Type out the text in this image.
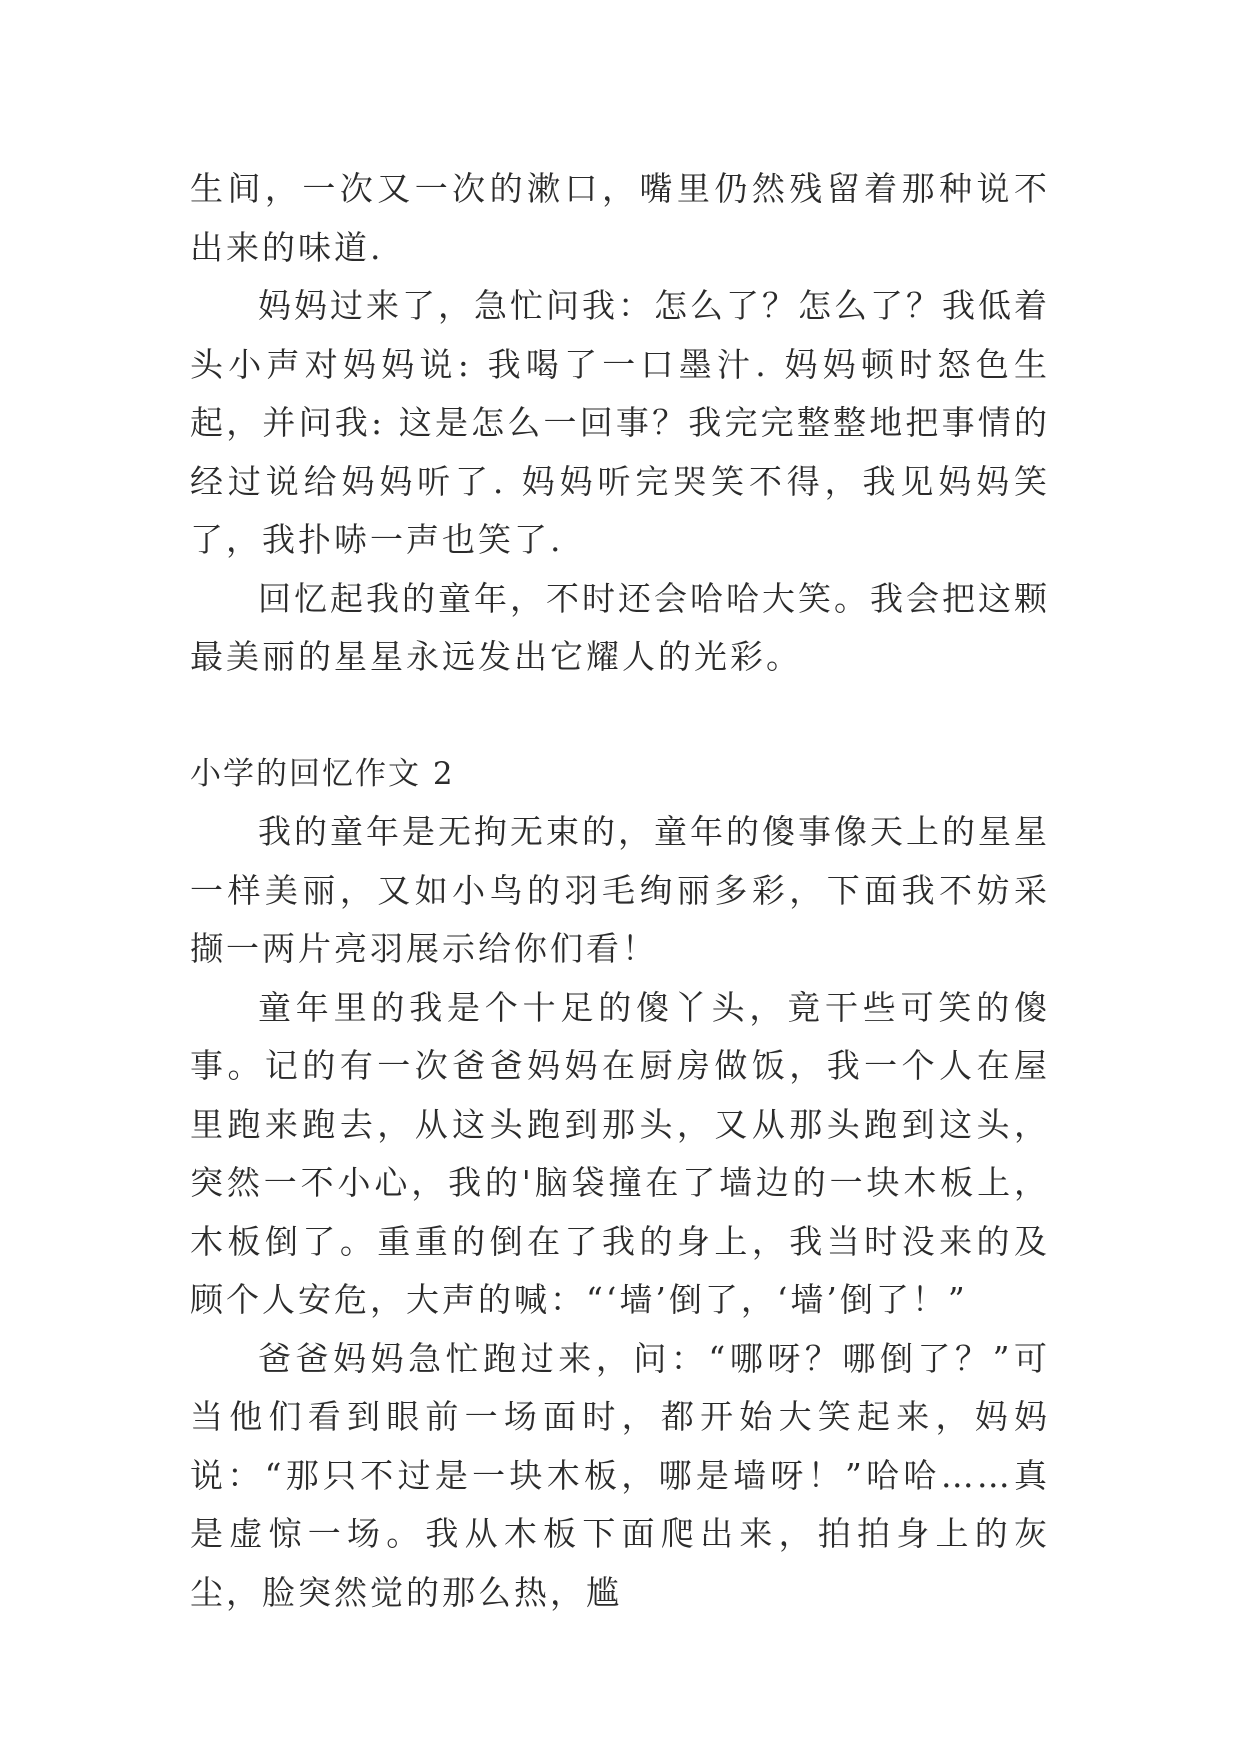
生间，一次又一次的漱口，嘴里仍然残留着那种说不出来的味道.

妈妈过来了，急忙问我：怎么了？怎么了？我低着头小声对妈妈说: 我喝了一口墨汁. 妈妈顿时怒色生起，并问我: 这是怎么一回事？我完完整整地把事情的经过说给妈妈听了. 妈妈听完哭笑不得，我见妈妈笑了，我扑哧一声也笑了.

回忆起我的童年，不时还会哈哈大笑。我会把这颗最美丽的星星永远发出它耀人的光彩。

小学的回忆作文 2

我的童年是无拘无束的，童年的傻事像天上的星星一样美丽，又如小鸟的羽毛绚丽多彩，下面我不妨采撷一两片亮羽展示给你们看！

童年里的我是个十足的傻丫头，竟干些可笑的傻事。记的有一次爸爸妈妈在厨房做饭，我一个人在屋里跑来跑去，从这头跑到那头，又从那头跑到这头，突然一不小心，我的'脑袋撞在了墙边的一块木板上，木板倒了。重重的倒在了我的身上，我当时没来的及顾个人安危，大声的喊：“‘墙’倒了，‘墙’倒了！”

爸爸妈妈急忙跑过来，问：“哪呀？哪倒了？”可当他们看到眼前一场面时，都开始大笑起来，妈妈说：“那只不过是一块木板，哪是墙呀！”哈哈……真是虚惊一场。我从木板下面爬出来，拍拍身上的灰尘，脸突然觉的那么热，尴
